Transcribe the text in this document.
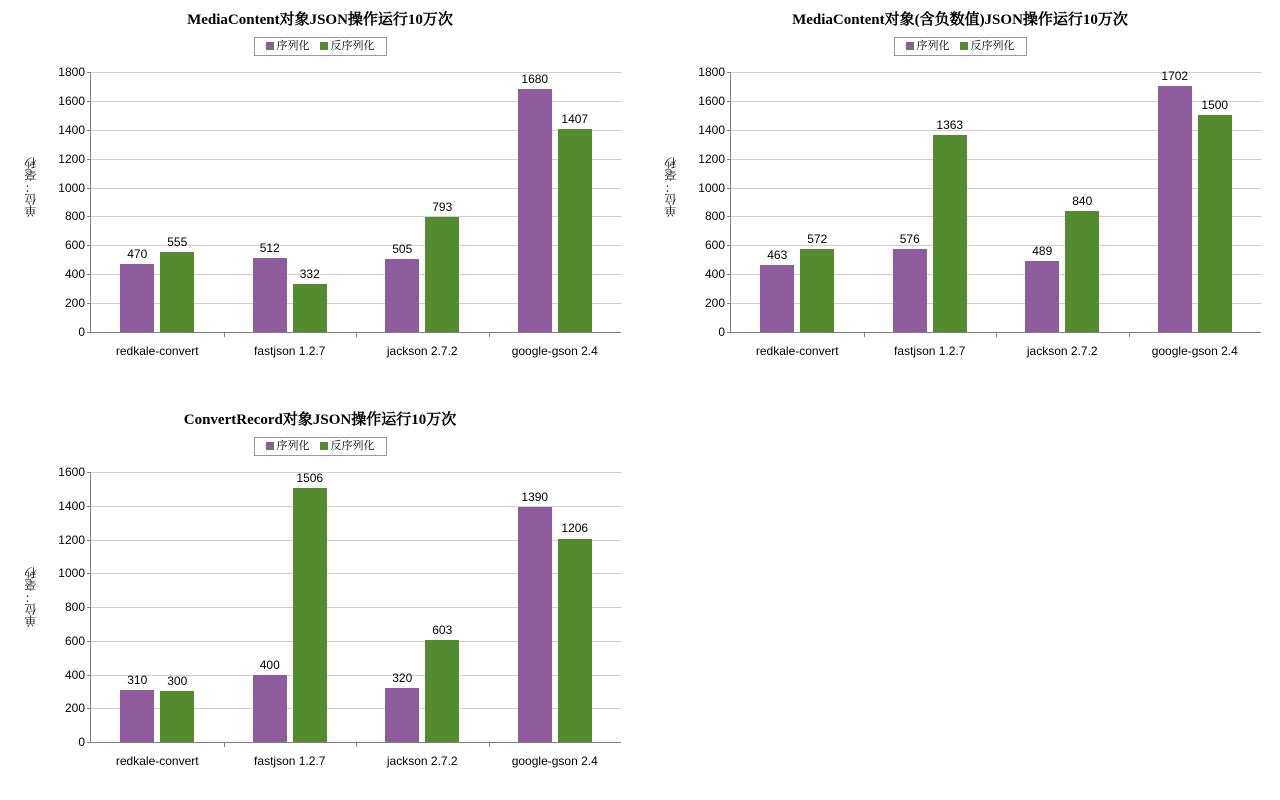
MediaContent对象JSON操作运行10万次
序列化 反序列化
单位：毫秒
0
200
400
600
800
1000
1200
1400
1600
1800
redkale-convert
470
555
fastjson 1.2.7
512
332
jackson 2.7.2
505
793
google-gson 2.4
1680
1407
MediaContent对象(含负数值)JSON操作运行10万次
序列化 反序列化
单位：毫秒
0
200
400
600
800
1000
1200
1400
1600
1800
redkale-convert
463
572
fastjson 1.2.7
576
1363
jackson 2.7.2
489
840
google-gson 2.4
1702
1500
ConvertRecord对象JSON操作运行10万次
序列化 反序列化
单位：毫秒
0
200
400
600
800
1000
1200
1400
1600
redkale-convert
310 300
fastjson 1.2.7
400
1506
jackson 2.7.2
320
603
google-gson 2.4
1390
1206
